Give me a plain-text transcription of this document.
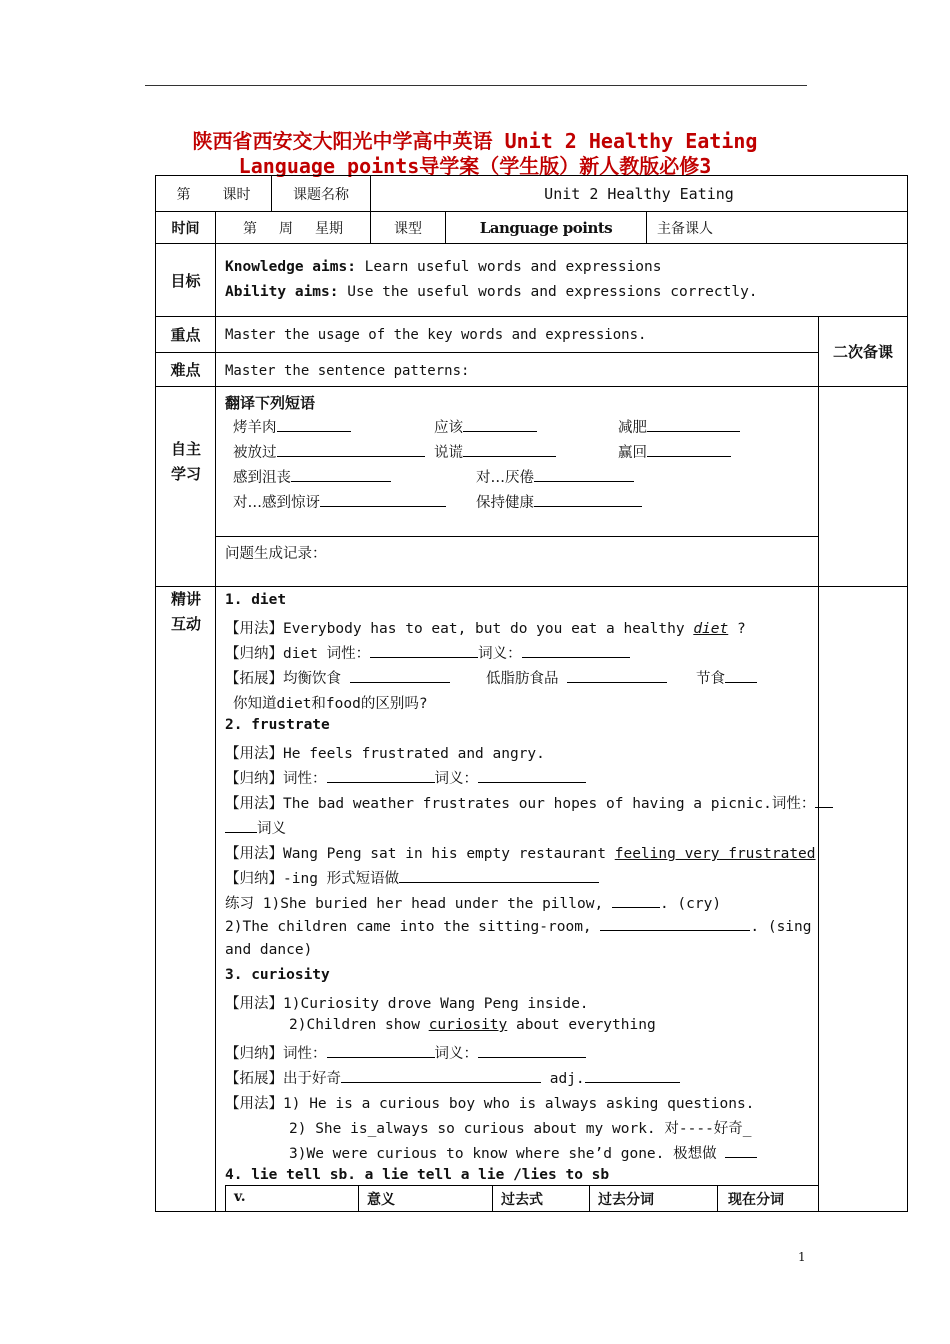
陕西省西安交大阳光中学高中英语 Unit 2 Healthy Eating
Language points导学案（学生版）新人教版必修3
第 课时	课题名称	Unit 2 Healthy Eating
时间	第 周 星期	课型	Language points	主备课人
目标
Knowledge aims: Learn useful words and expressions
Ability aims: Use the useful words and expressions correctly.
重点	Master the usage of the key words and expressions.
二次备课
难点	Master the sentence patterns:
自主学习
翻译下列短语
烤羊肉	应该	减肥
被放过	说谎	赢回
感到沮丧	对…厌倦
对…感到惊讶	保持健康
问题生成记录：
精讲互动
1. diet
【用法】Everybody has to eat, but do you eat a healthy diet ?
【归纳】diet 词性：	词义：
【拓展】均衡饮食	低脂肪食品	节食
你知道diet和food的区别吗?
2. frustrate
【用法】He feels frustrated and angry.
【归纳】词性：	词义：
【用法】The bad weather frustrates our hopes of having a picnic.词性：
词义
【用法】Wang Peng sat in his empty restaurant feeling very frustrated
【归纳】-ing 形式短语做
练习 1)She buried her head under the pillow,	. (cry)
2)The children came into the sitting-room,	. (sing
and dance)
3. curiosity
【用法】1)Curiosity drove Wang Peng inside.
2)Children show curiosity about everything
【归纳】词性：	词义：
【拓展】出于好奇	adj.
【用法】1) He is a curious boy who is always asking questions.
2) She is_always so curious about my work. 对----好奇_
3)We were curious to know where she’d gone. 极想做
4. lie tell sb. a lie tell a lie /lies to sb
v.	意义	过去式	过去分词	现在分词
1
